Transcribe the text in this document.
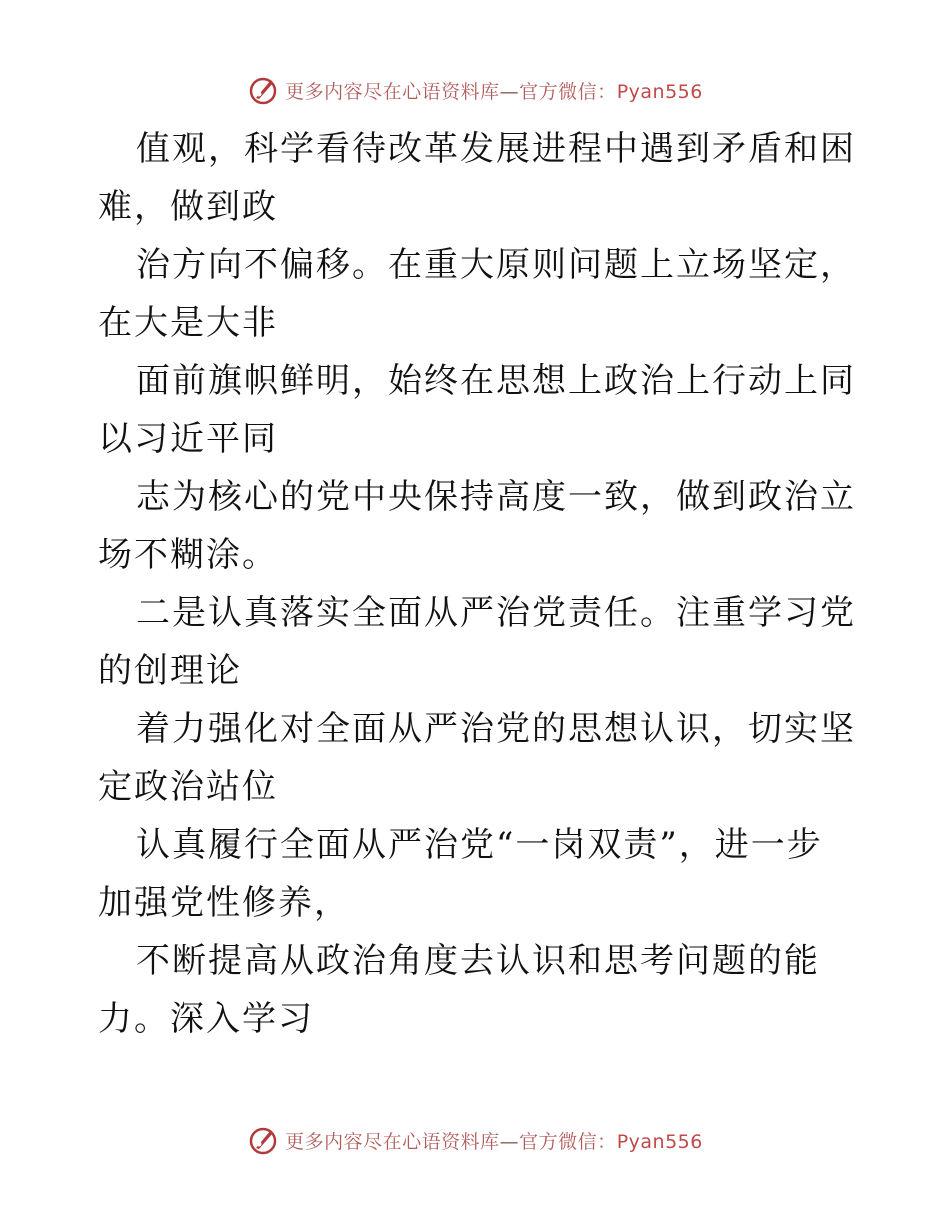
更多内容尽在心语资料库—官方微信：Pyan556

值观，科学看待改革发展进程中遇到矛盾和困难，做到政

治方向不偏移。在重大原则问题上立场坚定，在大是大非

面前旗帜鲜明，始终在思想上政治上行动上同以习近平同

志为核心的党中央保持高度一致，做到政治立场不糊涂。

二是认真落实全面从严治党责任。注重学习党的创理论

着力强化对全面从严治党的思想认识，切实坚定政治站位

认真履行全面从严治党“一岗双责”，进一步加强党性修养，

不断提高从政治角度去认识和思考问题的能力。深入学习

更多内容尽在心语资料库—官方微信：Pyan556
